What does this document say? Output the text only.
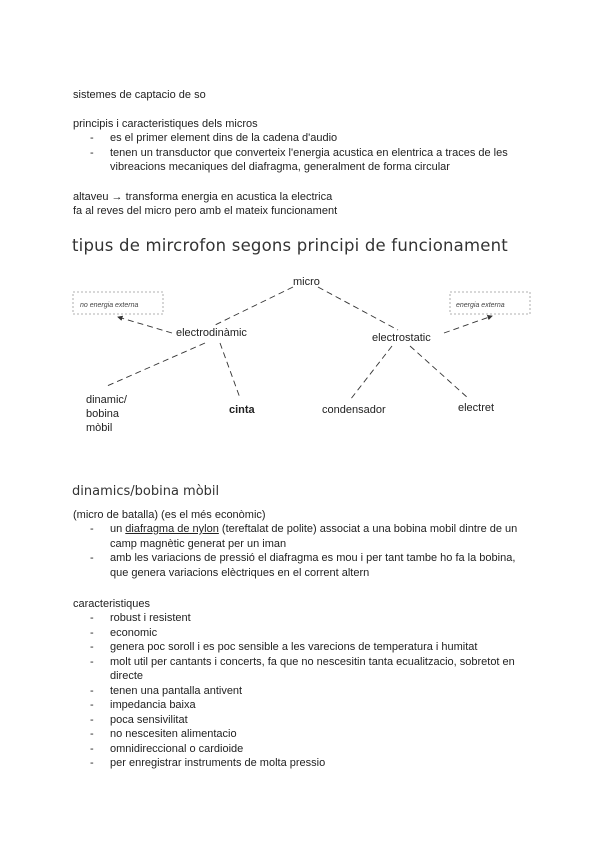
sistemes de captacio de so
principis i caracteristiques dels micros
- es el primer element dins de la cadena d'audio
- tenen un transductor que converteix l'energia acustica en elentrica a traces de les vibreacions mecaniques del diafragma, generalment de forma circular
altaveu → transforma energia en acustica la electrica
fa al reves del micro pero amb el mateix funcionament
tipus de mircrofon segons principi de funcionament
micro
no energia externa	energia externa
electrodinàmic	electrostatic
dinamic/
bobina
mòbil
cinta	condensador	electret
dinamics/bobina mòbil
(micro de batalla) (es el més econòmic)
- un diafragma de nylon (tereftalat de polite) associat a una bobina mobil dintre de un camp magnètic generat per un iman
- amb les variacions de pressió el diafragma es mou i per tant tambe ho fa la bobina, que genera variacions elèctriques en el corrent altern
caracteristiques
- robust i resistent
- economic
- genera poc soroll i es poc sensible a les varecions de temperatura i humitat
- molt util per cantants i concerts, fa que no nescesitin tanta ecualitzacio, sobretot en directe
- tenen una pantalla antivent
- impedancia baixa
- poca sensivilitat
- no nescesiten alimentacio
- omnidireccional o cardioide
- per enregistrar instruments de molta pressio
